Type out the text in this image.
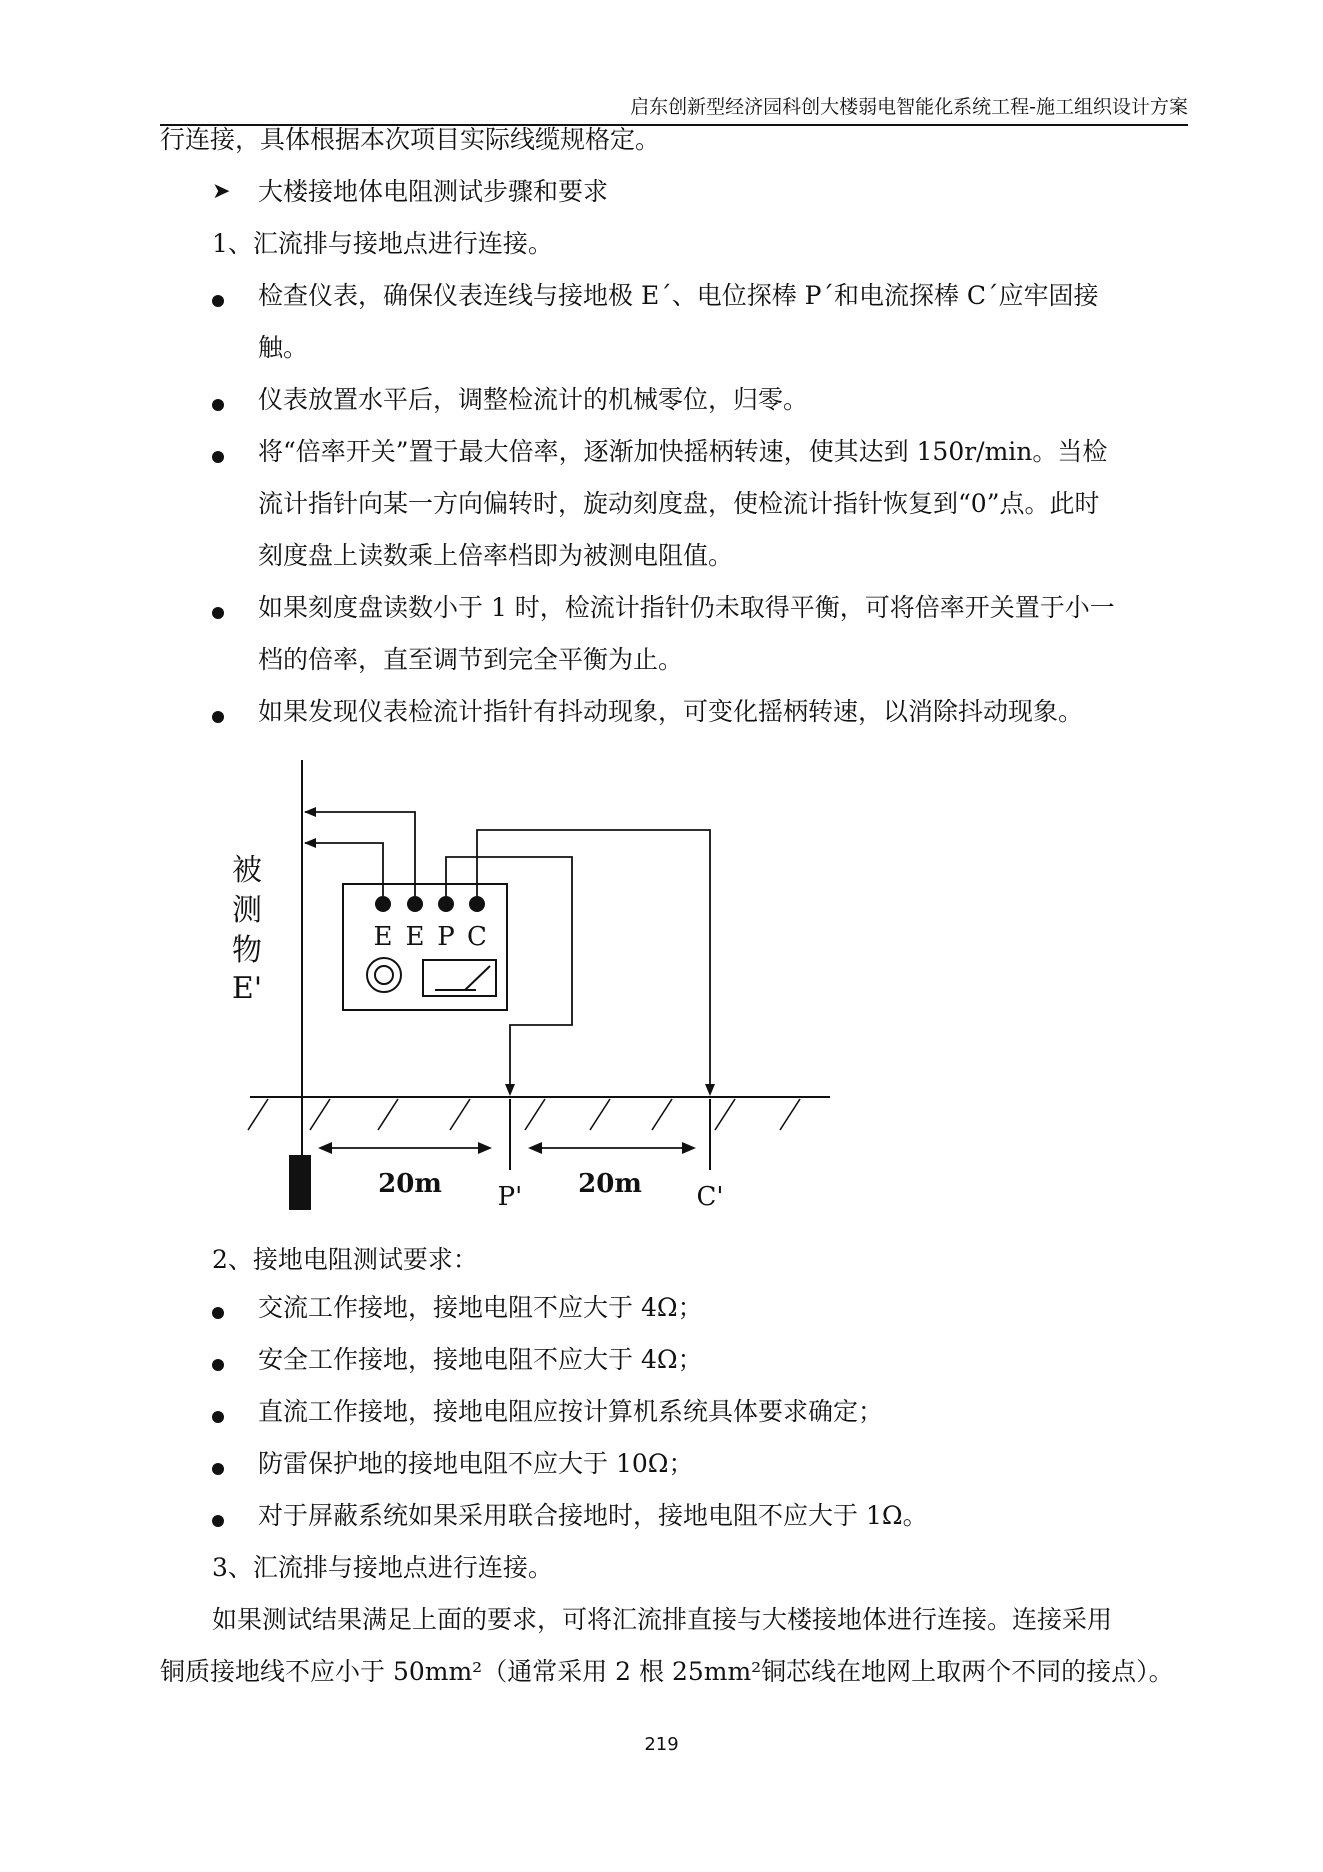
启东创新型经济园科创大楼弱电智能化系统工程-施工组织设计方案
行连接，具体根据本次项目实际线缆规格定。
➤ 大楼接地体电阻测试步骤和要求
1、汇流排与接地点进行连接。
检查仪表，确保仪表连线与接地极 E´、电位探棒 P´和电流探棒 C´应牢固接
触。
仪表放置水平后，调整检流计的机械零位，归零。
将“倍率开关”置于最大倍率，逐渐加快摇柄转速，使其达到 150r/min。当检
流计指针向某一方向偏转时，旋动刻度盘，使检流计指针恢复到“0”点。此时
刻度盘上读数乘上倍率档即为被测电阻值。
如果刻度盘读数小于 1 时，检流计指针仍未取得平衡，可将倍率开关置于小一
档的倍率，直至调节到完全平衡为止。
如果发现仪表检流计指针有抖动现象，可变化摇柄转速，以消除抖动现象。
E E P C
20m	20m
P'	C'
被
测
物
E'
2、接地电阻测试要求：
交流工作接地，接地电阻不应大于 4Ω；
安全工作接地，接地电阻不应大于 4Ω；
直流工作接地，接地电阻应按计算机系统具体要求确定；
防雷保护地的接地电阻不应大于 10Ω；
对于屏蔽系统如果采用联合接地时，接地电阻不应大于 1Ω。
3、汇流排与接地点进行连接。
如果测试结果满足上面的要求，可将汇流排直接与大楼接地体进行连接。连接采用
铜质接地线不应小于 50mm²（通常采用 2 根 25mm²铜芯线在地网上取两个不同的接点）。
219
